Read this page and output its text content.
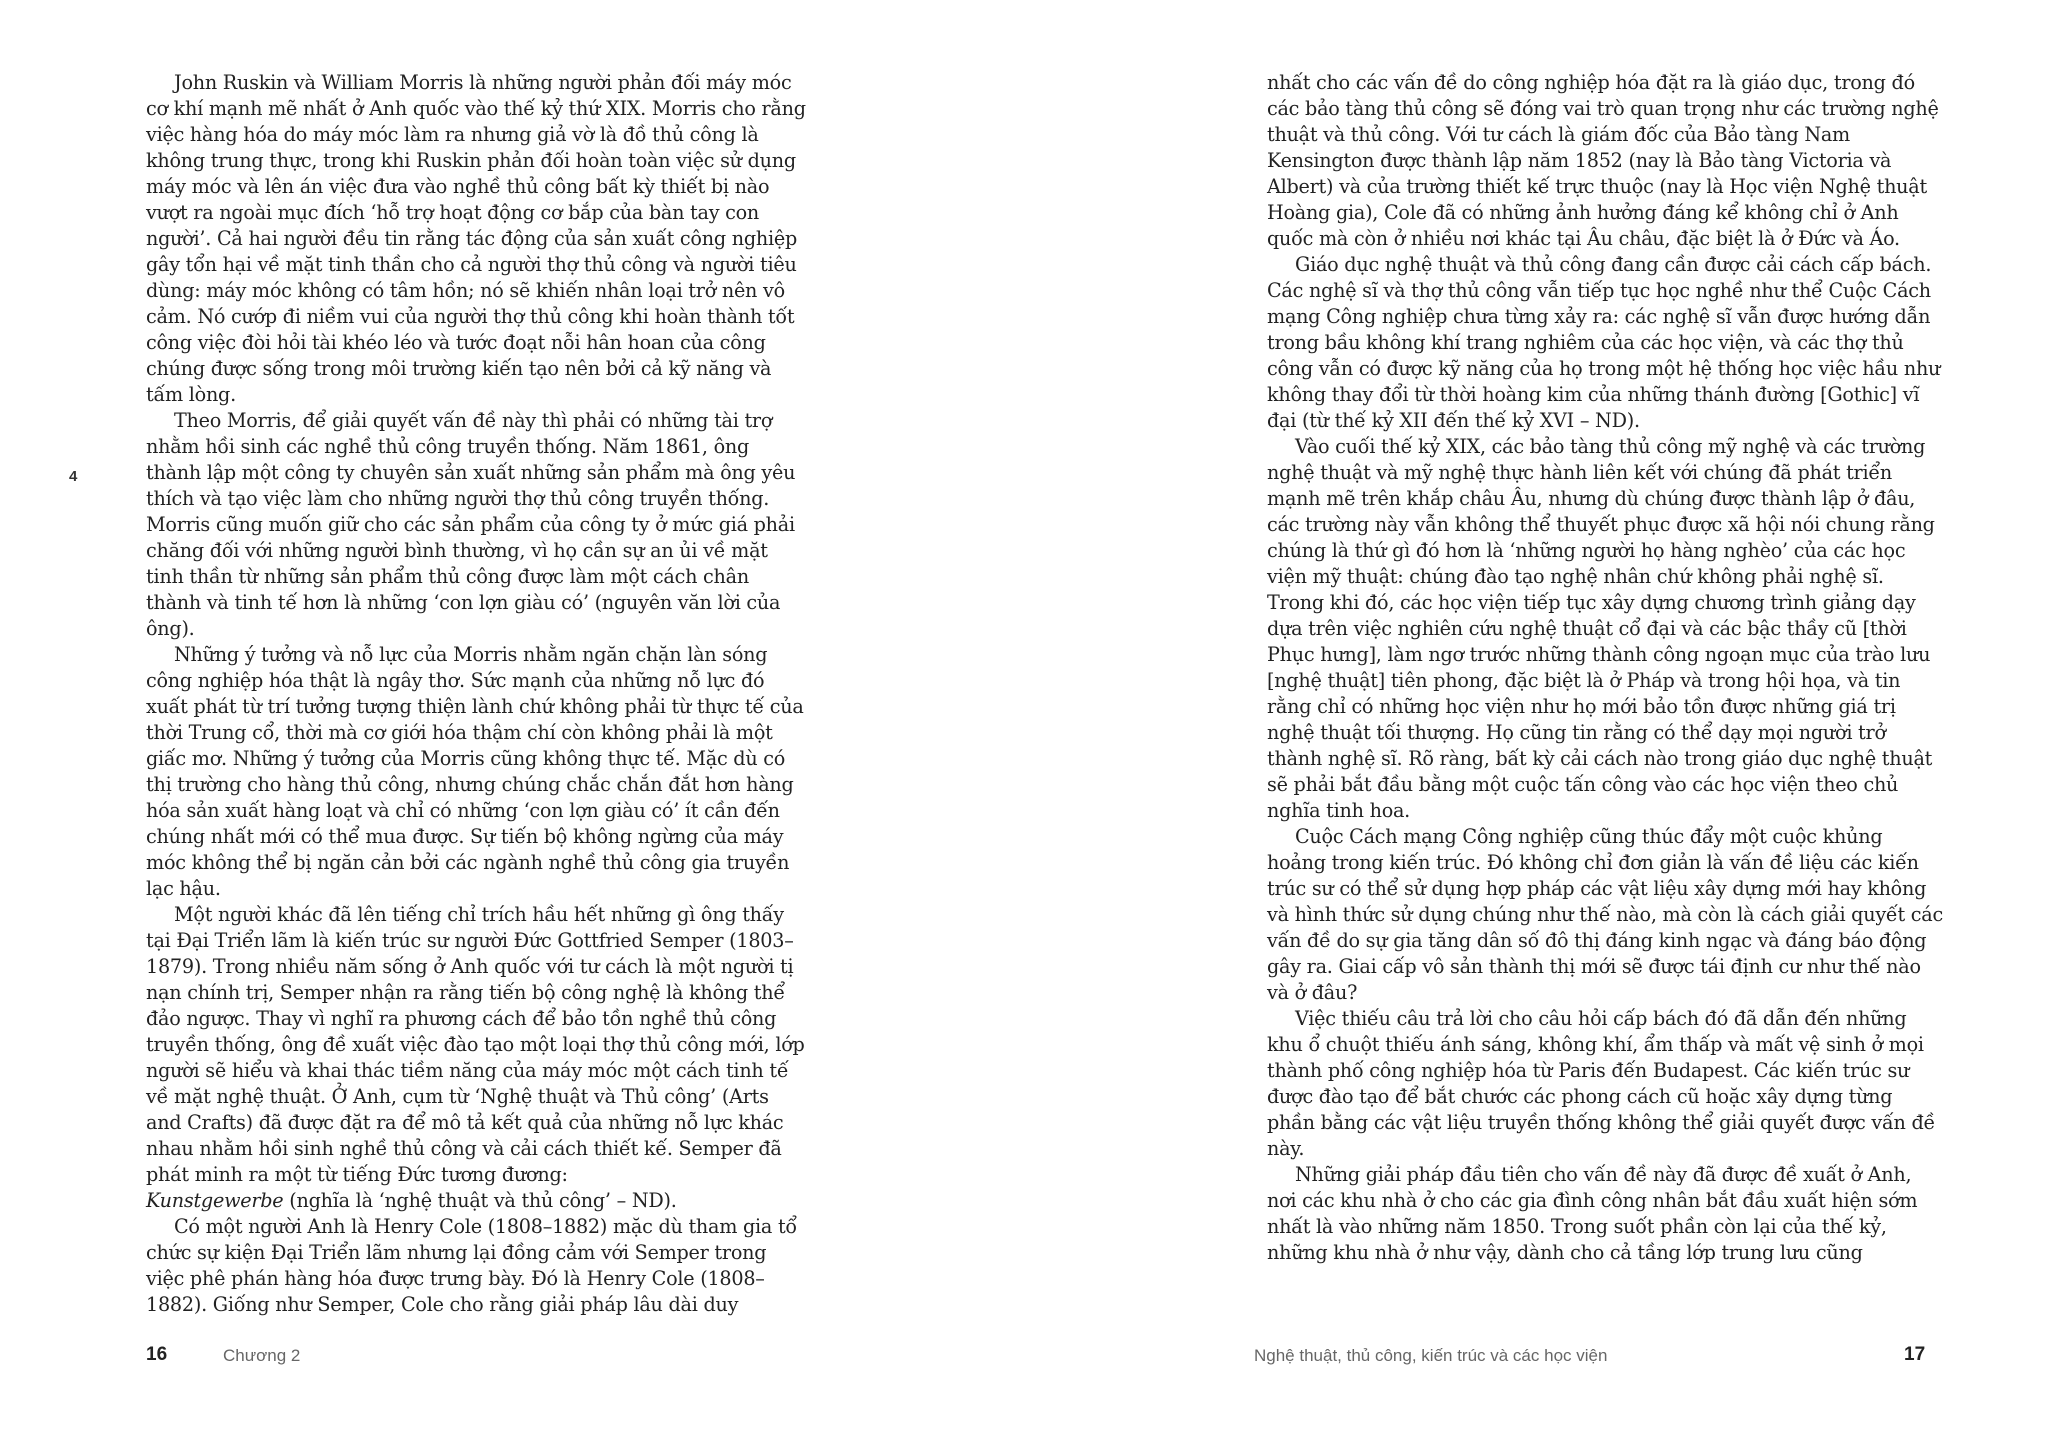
4

John Ruskin và William Morris là những người phản đối máy móc cơ khí mạnh mẽ nhất ở Anh quốc vào thế kỷ thứ XIX. Morris cho rằng việc hàng hóa do máy móc làm ra nhưng giả vờ là đồ thủ công là không trung thực, trong khi Ruskin phản đối hoàn toàn việc sử dụng máy móc và lên án việc đưa vào nghề thủ công bất kỳ thiết bị nào vượt ra ngoài mục đích ‘hỗ trợ hoạt động cơ bắp của bàn tay con người’. Cả hai người đều tin rằng tác động của sản xuất công nghiệp gây tổn hại về mặt tinh thần cho cả người thợ thủ công và người tiêu dùng: máy móc không có tâm hồn; nó sẽ khiến nhân loại trở nên vô cảm. Nó cướp đi niềm vui của người thợ thủ công khi hoàn thành tốt công việc đòi hỏi tài khéo léo và tước đoạt nỗi hân hoan của công chúng được sống trong môi trường kiến tạo nên bởi cả kỹ năng và tấm lòng.

Theo Morris, để giải quyết vấn đề này thì phải có những tài trợ nhằm hồi sinh các nghề thủ công truyền thống. Năm 1861, ông thành lập một công ty chuyên sản xuất những sản phẩm mà ông yêu thích và tạo việc làm cho những người thợ thủ công truyền thống. Morris cũng muốn giữ cho các sản phẩm của công ty ở mức giá phải chăng đối với những người bình thường, vì họ cần sự an ủi về mặt tinh thần từ những sản phẩm thủ công được làm một cách chân thành và tinh tế hơn là những ‘con lợn giàu có’ (nguyên văn lời của ông).

Những ý tưởng và nỗ lực của Morris nhằm ngăn chặn làn sóng công nghiệp hóa thật là ngây thơ. Sức mạnh của những nỗ lực đó xuất phát từ trí tưởng tượng thiện lành chứ không phải từ thực tế của thời Trung cổ, thời mà cơ giới hóa thậm chí còn không phải là một giấc mơ. Những ý tưởng của Morris cũng không thực tế. Mặc dù có thị trường cho hàng thủ công, nhưng chúng chắc chắn đắt hơn hàng hóa sản xuất hàng loạt và chỉ có những ‘con lợn giàu có’ ít cần đến chúng nhất mới có thể mua được. Sự tiến bộ không ngừng của máy móc không thể bị ngăn cản bởi các ngành nghề thủ công gia truyền lạc hậu.

Một người khác đã lên tiếng chỉ trích hầu hết những gì ông thấy tại Đại Triển lãm là kiến trúc sư người Đức Gottfried Semper (1803–1879). Trong nhiều năm sống ở Anh quốc với tư cách là một người tị nạn chính trị, Semper nhận ra rằng tiến bộ công nghệ là không thể đảo ngược. Thay vì nghĩ ra phương cách để bảo tồn nghề thủ công truyền thống, ông đề xuất việc đào tạo một loại thợ thủ công mới, lớp người sẽ hiểu và khai thác tiềm năng của máy móc một cách tinh tế về mặt nghệ thuật. Ở Anh, cụm từ ‘Nghệ thuật và Thủ công’ (Arts and Crafts) đã được đặt ra để mô tả kết quả của những nỗ lực khác nhau nhằm hồi sinh nghề thủ công và cải cách thiết kế. Semper đã phát minh ra một từ tiếng Đức tương đương:
Kunstgewerbe (nghĩa là ‘nghệ thuật và thủ công’ – ND).

Có một người Anh là Henry Cole (1808–1882) mặc dù tham gia tổ chức sự kiện Đại Triển lãm nhưng lại đồng cảm với Semper trong việc phê phán hàng hóa được trưng bày. Đó là Henry Cole (1808–1882). Giống như Semper, Cole cho rằng giải pháp lâu dài duy

16	Chương 2

nhất cho các vấn đề do công nghiệp hóa đặt ra là giáo dục, trong đó các bảo tàng thủ công sẽ đóng vai trò quan trọng như các trường nghệ thuật và thủ công. Với tư cách là giám đốc của Bảo tàng Nam Kensington được thành lập năm 1852 (nay là Bảo tàng Victoria và Albert) và của trường thiết kế trực thuộc (nay là Học viện Nghệ thuật Hoàng gia), Cole đã có những ảnh hưởng đáng kể không chỉ ở Anh quốc mà còn ở nhiều nơi khác tại Âu châu, đặc biệt là ở Đức và Áo.

Giáo dục nghệ thuật và thủ công đang cần được cải cách cấp bách. Các nghệ sĩ và thợ thủ công vẫn tiếp tục học nghề như thể Cuộc Cách mạng Công nghiệp chưa từng xảy ra: các nghệ sĩ vẫn được hướng dẫn trong bầu không khí trang nghiêm của các học viện, và các thợ thủ công vẫn có được kỹ năng của họ trong một hệ thống học việc hầu như không thay đổi từ thời hoàng kim của những thánh đường [Gothic] vĩ đại (từ thế kỷ XII đến thế kỷ XVI – ND).

Vào cuối thế kỷ XIX, các bảo tàng thủ công mỹ nghệ và các trường nghệ thuật và mỹ nghệ thực hành liên kết với chúng đã phát triển mạnh mẽ trên khắp châu Âu, nhưng dù chúng được thành lập ở đâu, các trường này vẫn không thể thuyết phục được xã hội nói chung rằng chúng là thứ gì đó hơn là ‘những người họ hàng nghèo’ của các học viện mỹ thuật: chúng đào tạo nghệ nhân chứ không phải nghệ sĩ. Trong khi đó, các học viện tiếp tục xây dựng chương trình giảng dạy dựa trên việc nghiên cứu nghệ thuật cổ đại và các bậc thầy cũ [thời Phục hưng], làm ngơ trước những thành công ngoạn mục của trào lưu [nghệ thuật] tiên phong, đặc biệt là ở Pháp và trong hội họa, và tin rằng chỉ có những học viện như họ mới bảo tồn được những giá trị nghệ thuật tối thượng. Họ cũng tin rằng có thể dạy mọi người trở thành nghệ sĩ. Rõ ràng, bất kỳ cải cách nào trong giáo dục nghệ thuật sẽ phải bắt đầu bằng một cuộc tấn công vào các học viện theo chủ nghĩa tinh hoa.

Cuộc Cách mạng Công nghiệp cũng thúc đẩy một cuộc khủng hoảng trong kiến trúc. Đó không chỉ đơn giản là vấn đề liệu các kiến trúc sư có thể sử dụng hợp pháp các vật liệu xây dựng mới hay không và hình thức sử dụng chúng như thế nào, mà còn là cách giải quyết các vấn đề do sự gia tăng dân số đô thị đáng kinh ngạc và đáng báo động gây ra. Giai cấp vô sản thành thị mới sẽ được tái định cư như thế nào và ở đâu?

Việc thiếu câu trả lời cho câu hỏi cấp bách đó đã dẫn đến những khu ổ chuột thiếu ánh sáng, không khí, ẩm thấp và mất vệ sinh ở mọi thành phố công nghiệp hóa từ Paris đến Budapest. Các kiến trúc sư được đào tạo để bắt chước các phong cách cũ hoặc xây dựng từng phần bằng các vật liệu truyền thống không thể giải quyết được vấn đề này.

Những giải pháp đầu tiên cho vấn đề này đã được đề xuất ở Anh, nơi các khu nhà ở cho các gia đình công nhân bắt đầu xuất hiện sớm nhất là vào những năm 1850. Trong suốt phần còn lại của thế kỷ, những khu nhà ở như vậy, dành cho cả tầng lớp trung lưu cũng

Nghệ thuật, thủ công, kiến trúc và các học viện	17
